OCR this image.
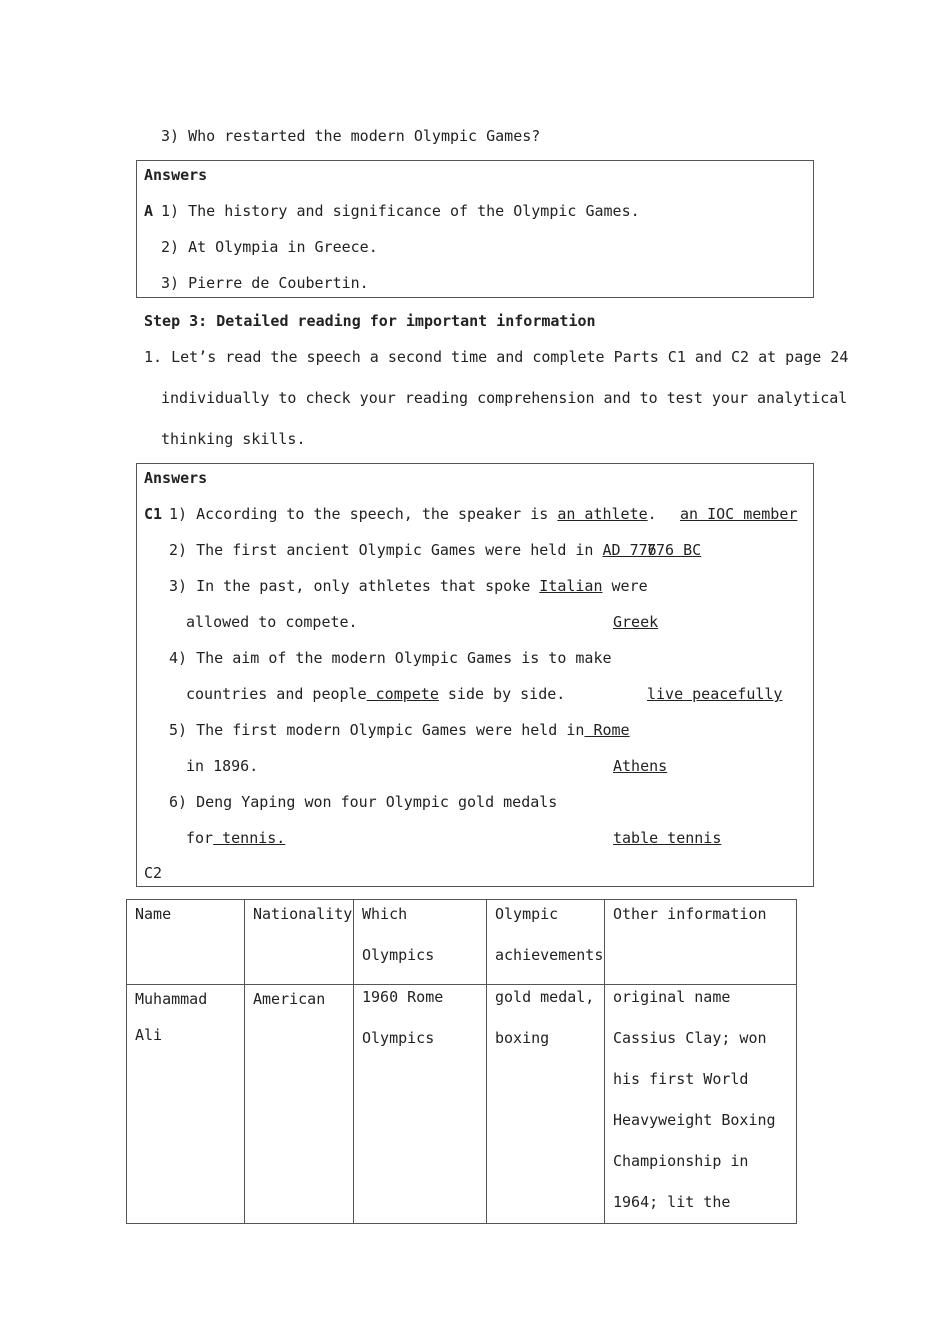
3) Who restarted the modern Olympic Games?
Answers
A 1) The history and significance of the Olympic Games.
2) At Olympia in Greece.
3) Pierre de Coubertin.
Step 3: Detailed reading for important information
1. Let’s read the speech a second time and complete Parts C1 and C2 at page 24
individually to check your reading comprehension and to test your analytical
thinking skills.
Answers
C1 1) According to the speech, the speaker is an athlete. an IOC member
2) The first ancient Olympic Games were held in AD 776
776 BC
3) In the past, only athletes that spoke Italian were
allowed to compete.	Greek
4) The aim of the modern Olympic Games is to make
countries and people compete side by side.	live peacefully
5) The first modern Olympic Games were held in Rome
in 1896.	Athens
6) Deng Yaping won four Olympic gold medals
for tennis.	table tennis
C2
Name	Nationality	Which Olympics	Olympic achievements	Other information

Muhammad Ali	American	1960 Rome Olympics	gold medal, boxing	original name Cassius Clay; won his first World Heavyweight Boxing Championship in 1964; lit the
